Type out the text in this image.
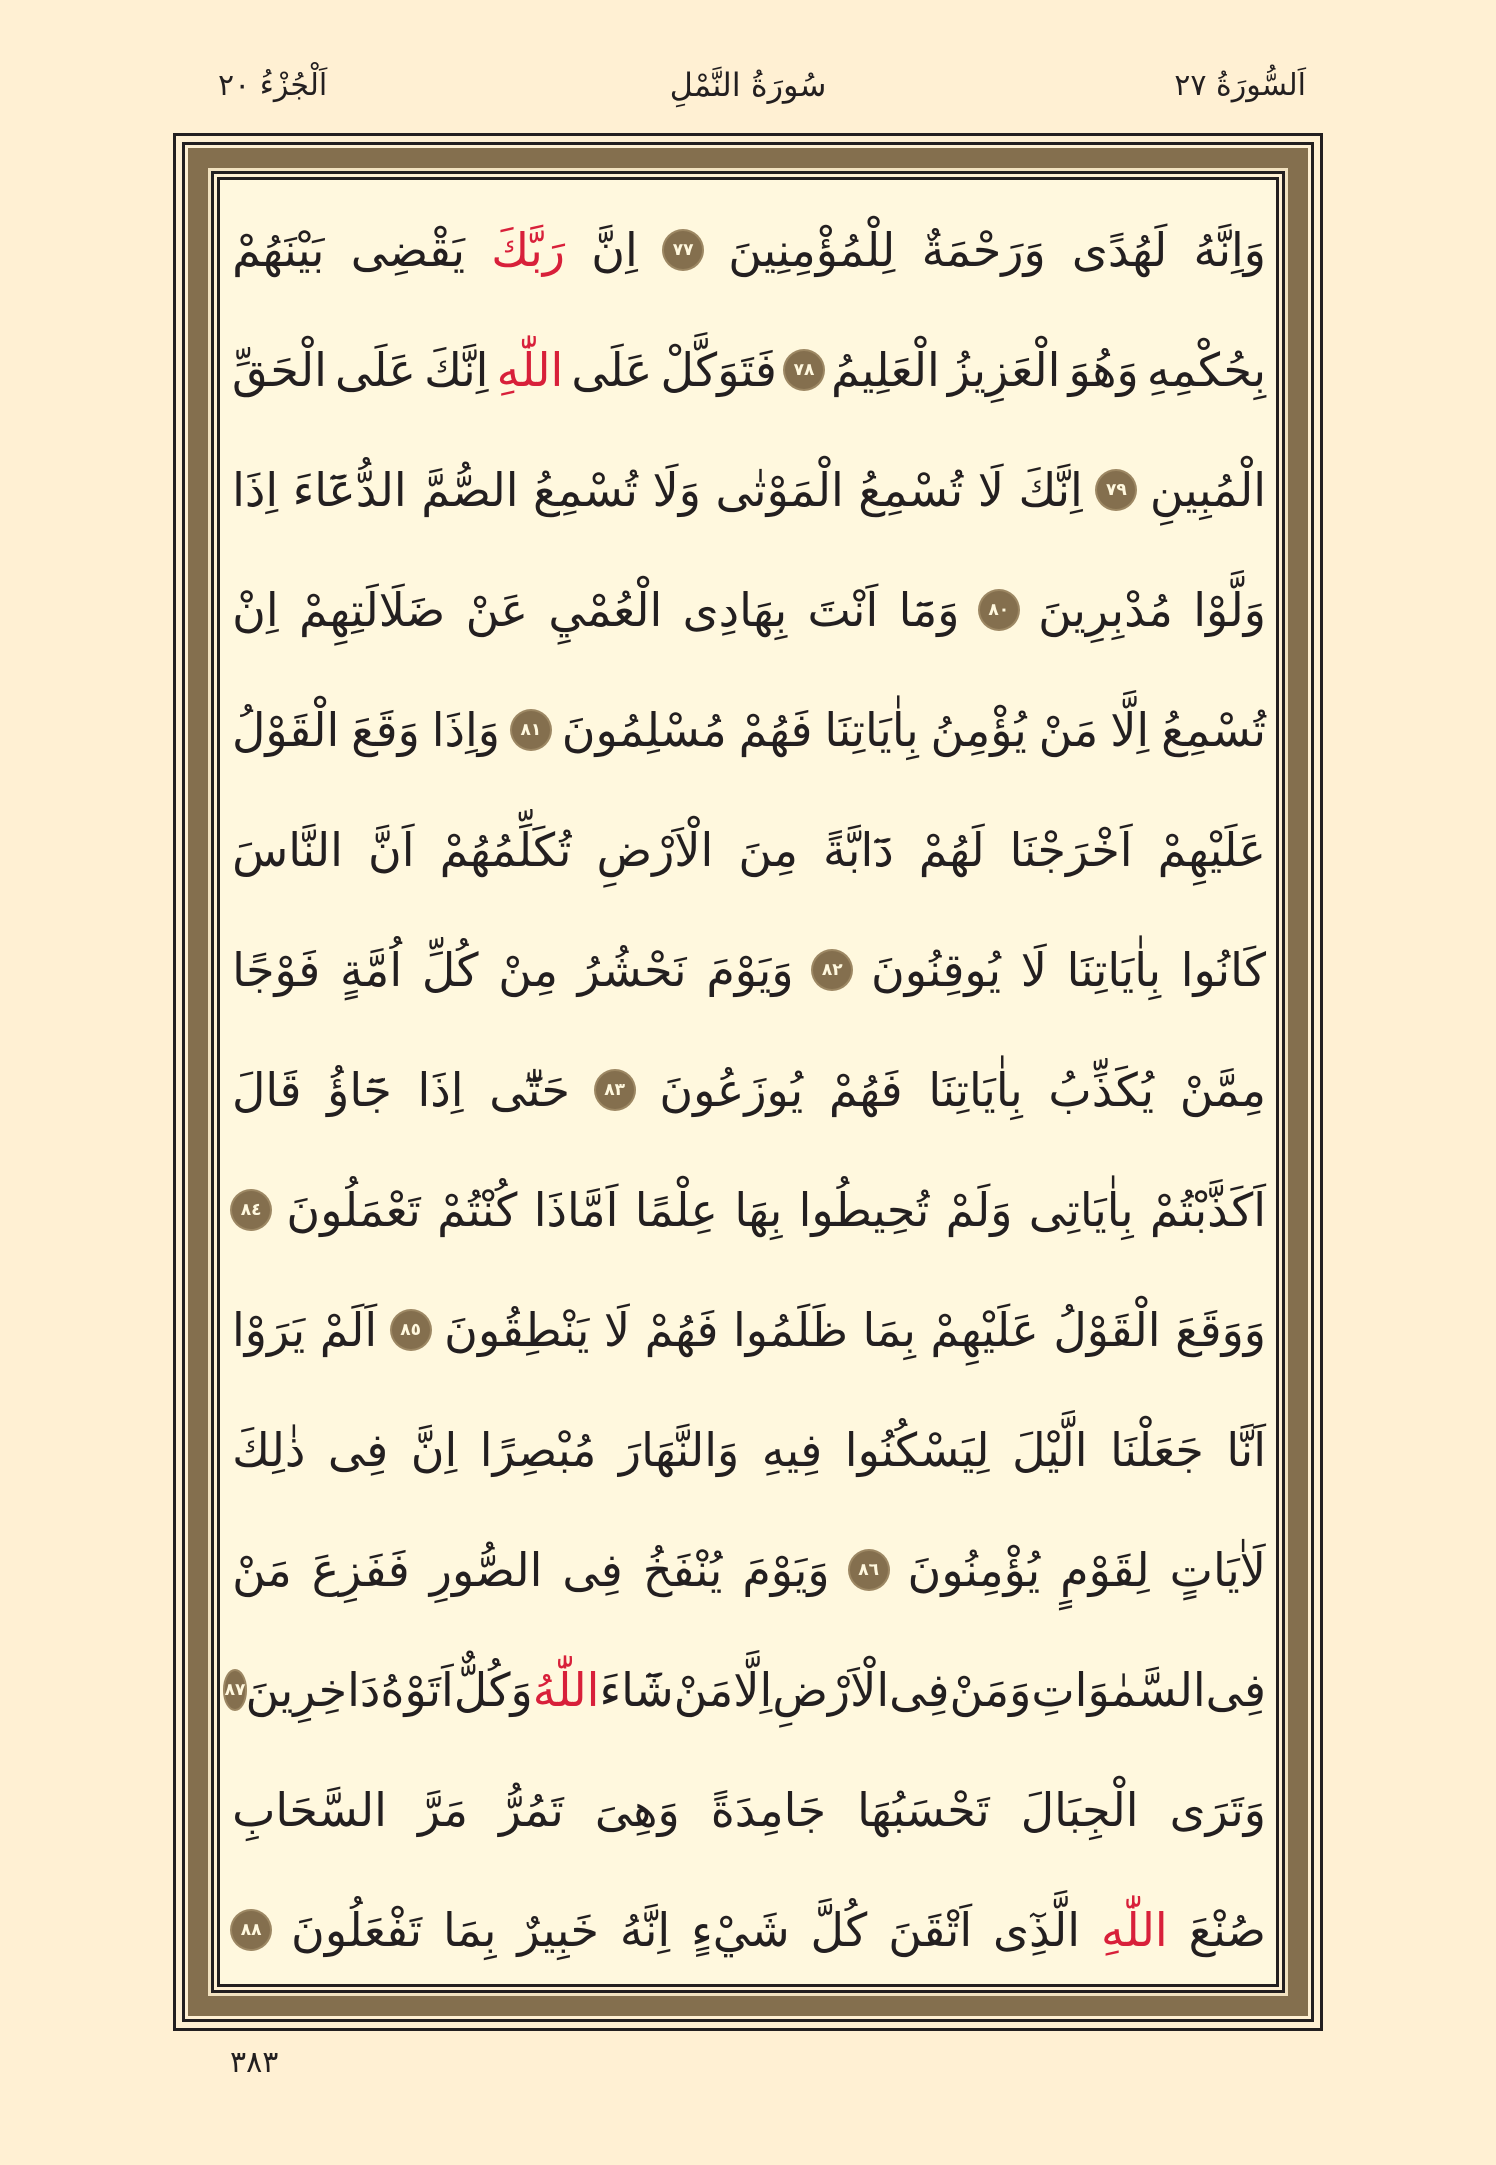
اَلْجُزْءُ ٢٠	سُورَةُ النَّمْلِ	اَلسُّورَةُ ٢٧
وَاِنَّهُ
لَهُدًى
وَرَحْمَةٌ
لِلْمُؤْمِنِينَ
٧٧
اِنَّ
رَبَّكَ
يَقْضِى
بَيْنَهُمْ
بِحُكْمِهِ
وَهُوَ
الْعَزِيزُ
الْعَلِيمُ
٧٨
فَتَوَكَّلْ
عَلَى
اللّٰهِ
اِنَّكَ
عَلَى
الْحَقِّ
الْمُبِينِ
٧٩
اِنَّكَ
لَا
تُسْمِعُ
الْمَوْتٰى
وَلَا
تُسْمِعُ
الصُّمَّ
الدُّعَٓاءَ
اِذَا
وَلَّوْا
مُدْبِرِينَ
٨٠
وَمَٓا
اَنْتَ
بِهَادِى
الْعُمْيِ
عَنْ
ضَلَالَتِهِمْ
اِنْ
تُسْمِعُ
اِلَّا
مَنْ
يُؤْمِنُ
بِاٰيَاتِنَا
فَهُمْ
مُسْلِمُونَ
٨١
وَاِذَا
وَقَعَ
الْقَوْلُ
عَلَيْهِمْ
اَخْرَجْنَا
لَهُمْ
دَٓابَّةً
مِنَ
الْاَرْضِ
تُكَلِّمُهُمْ
اَنَّ
النَّاسَ
كَانُوا
بِاٰيَاتِنَا
لَا
يُوقِنُونَ
٨٢
وَيَوْمَ
نَحْشُرُ
مِنْ
كُلِّ
اُمَّةٍ
فَوْجًا
مِمَّنْ
يُكَذِّبُ
بِاٰيَاتِنَا
فَهُمْ
يُوزَعُونَ
٨٣
حَتّٰٓى
اِذَا
جَٓاؤُ
قَالَ
اَكَذَّبْتُمْ
بِاٰيَاتِى
وَلَمْ
تُحِيطُوا
بِهَا
عِلْمًا
اَمَّاذَا
كُنْتُمْ
تَعْمَلُونَ
٨٤
وَوَقَعَ
الْقَوْلُ
عَلَيْهِمْ
بِمَا
ظَلَمُوا
فَهُمْ
لَا
يَنْطِقُونَ
٨٥
اَلَمْ
يَرَوْا
اَنَّا
جَعَلْنَا
الَّيْلَ
لِيَسْكُنُوا
فِيهِ
وَالنَّهَارَ
مُبْصِرًا
اِنَّ
فِى
ذٰلِكَ
لَاٰيَاتٍ
لِقَوْمٍ
يُؤْمِنُونَ
٨٦
وَيَوْمَ
يُنْفَخُ
فِى
الصُّورِ
فَفَزِعَ
مَنْ
فِى
السَّمٰوَاتِ
وَمَنْ
فِى
الْاَرْضِ
اِلَّا
مَنْ
شَٓاءَ
اللّٰهُ
وَكُلٌّ
اَتَوْهُ
دَاخِرِينَ
٨٧
وَتَرَى
الْجِبَالَ
تَحْسَبُهَا
جَامِدَةً
وَهِىَ
تَمُرُّ
مَرَّ
السَّحَابِ
صُنْعَ
اللّٰهِ
الَّذِٓى
اَتْقَنَ
كُلَّ
شَيْءٍ
اِنَّهُ
خَبِيرٌ
بِمَا
تَفْعَلُونَ
٨٨
٣٨٣
